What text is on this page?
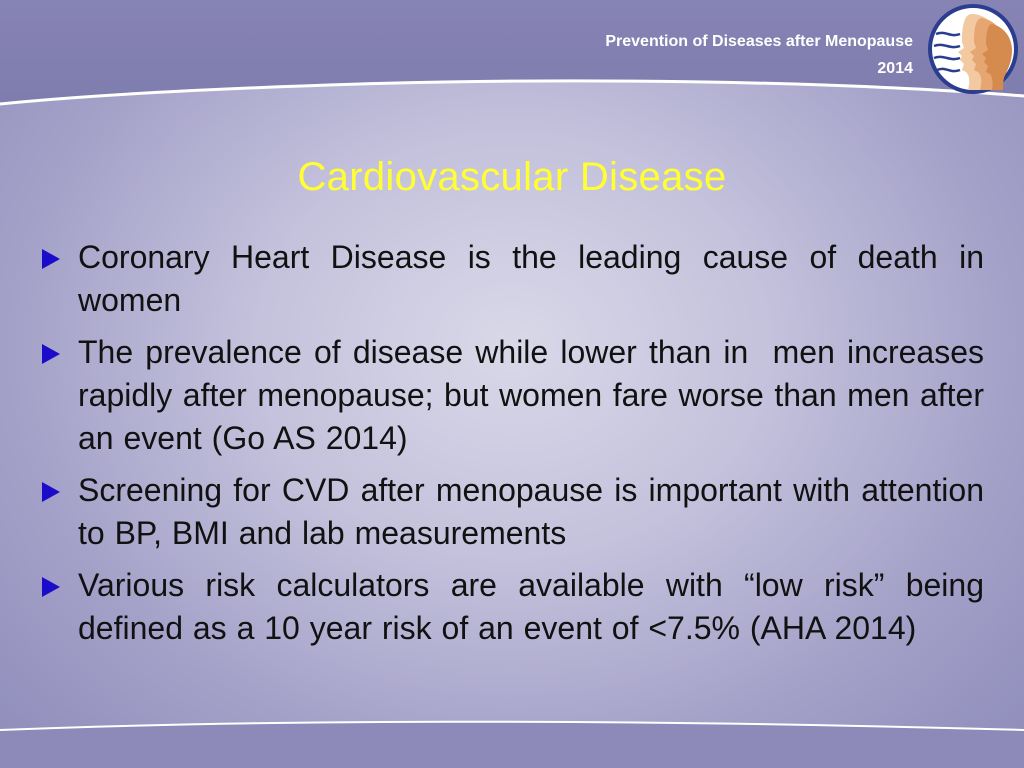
Prevention of Diseases after Menopause
2014
Cardiovascular Disease
Coronary Heart Disease is the leading cause of death in women
The prevalence of disease while lower than in  men increases rapidly after menopause; but women fare worse than men after an event (Go AS 2014)
Screening for CVD after menopause is important with attention to BP, BMI and lab measurements
Various risk calculators are available with “low risk” being defined as a 10 year risk of an event of <7.5% (AHA 2014)
